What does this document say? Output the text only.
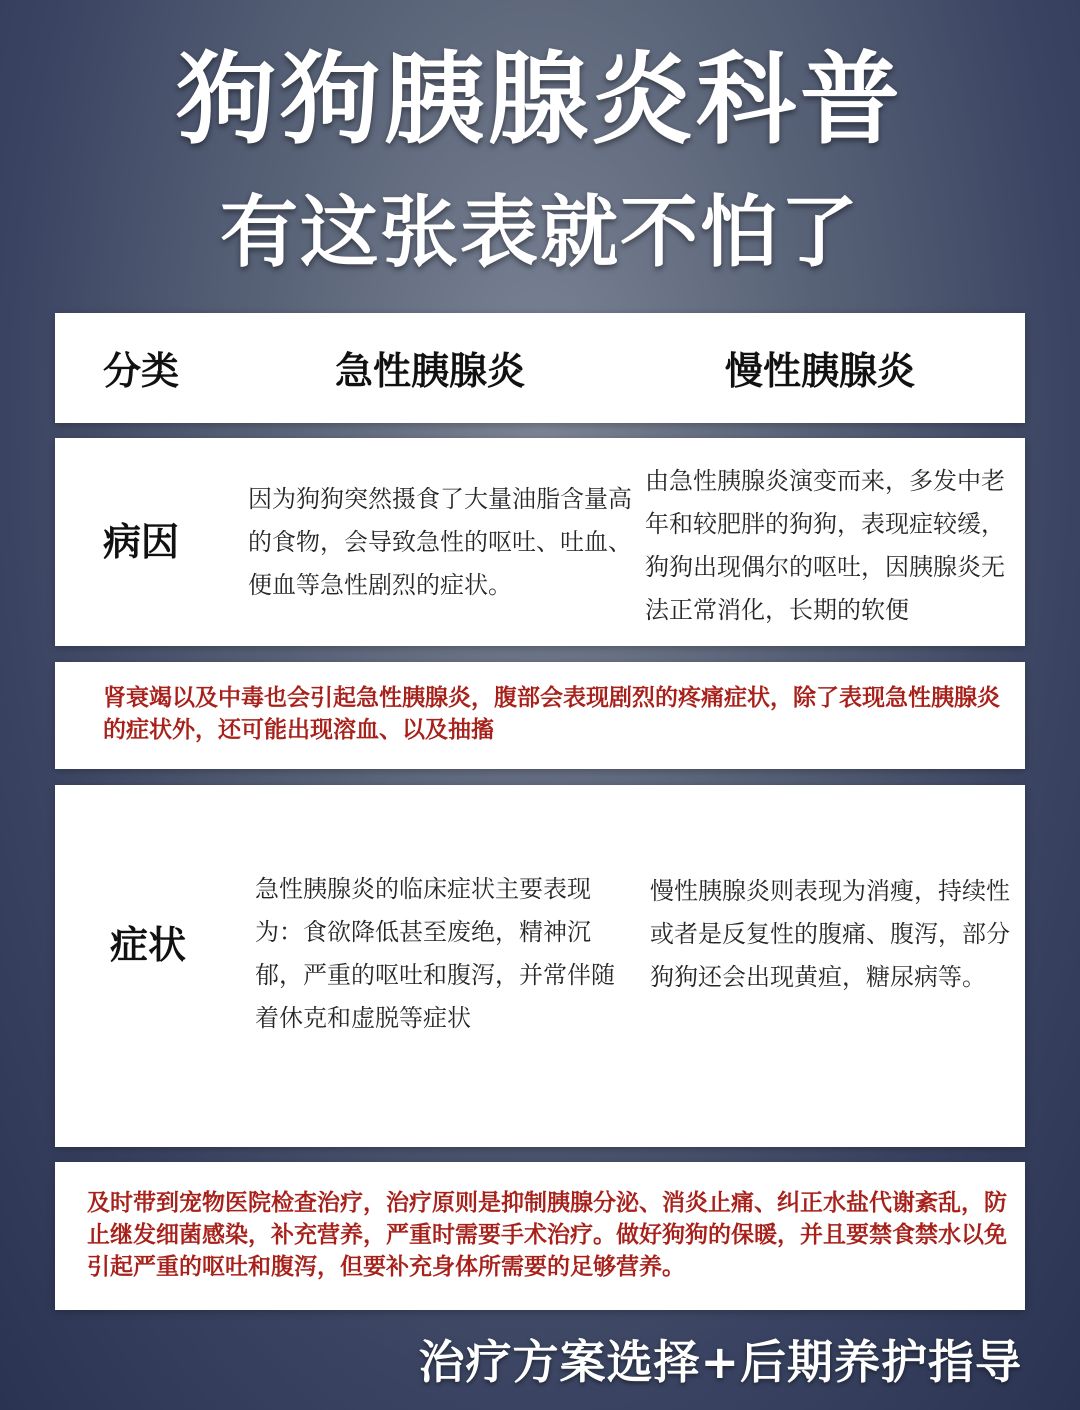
狗狗胰腺炎科普
有这张表就不怕了
分类	急性胰腺炎	慢性胰腺炎
病因
因为狗狗突然摄食了大量油脂含量高的食物，会导致急性的呕吐、吐血、便血等急性剧烈的症状。
由急性胰腺炎演变而来，多发中老年和较肥胖的狗狗，表现症较缓，狗狗出现偶尔的呕吐，因胰腺炎无法正常消化，长期的软便
肾衰竭以及中毒也会引起急性胰腺炎，腹部会表现剧烈的疼痛症状，除了表现急性胰腺炎的症状外，还可能出现溶血、以及抽搐
症状
急性胰腺炎的临床症状主要表现为：食欲降低甚至废绝，精神沉郁，严重的呕吐和腹泻，并常伴随着休克和虚脱等症状
慢性胰腺炎则表现为消瘦，持续性或者是反复性的腹痛、腹泻，部分狗狗还会出现黄疸，糖尿病等。
及时带到宠物医院检查治疗，治疗原则是抑制胰腺分泌、消炎止痛、纠正水盐代谢紊乱，防止继发细菌感染，补充营养，严重时需要手术治疗。做好狗狗的保暖，并且要禁食禁水以免引起严重的呕吐和腹泻，但要补充身体所需要的足够营养。
治疗方案选择+后期养护指导
